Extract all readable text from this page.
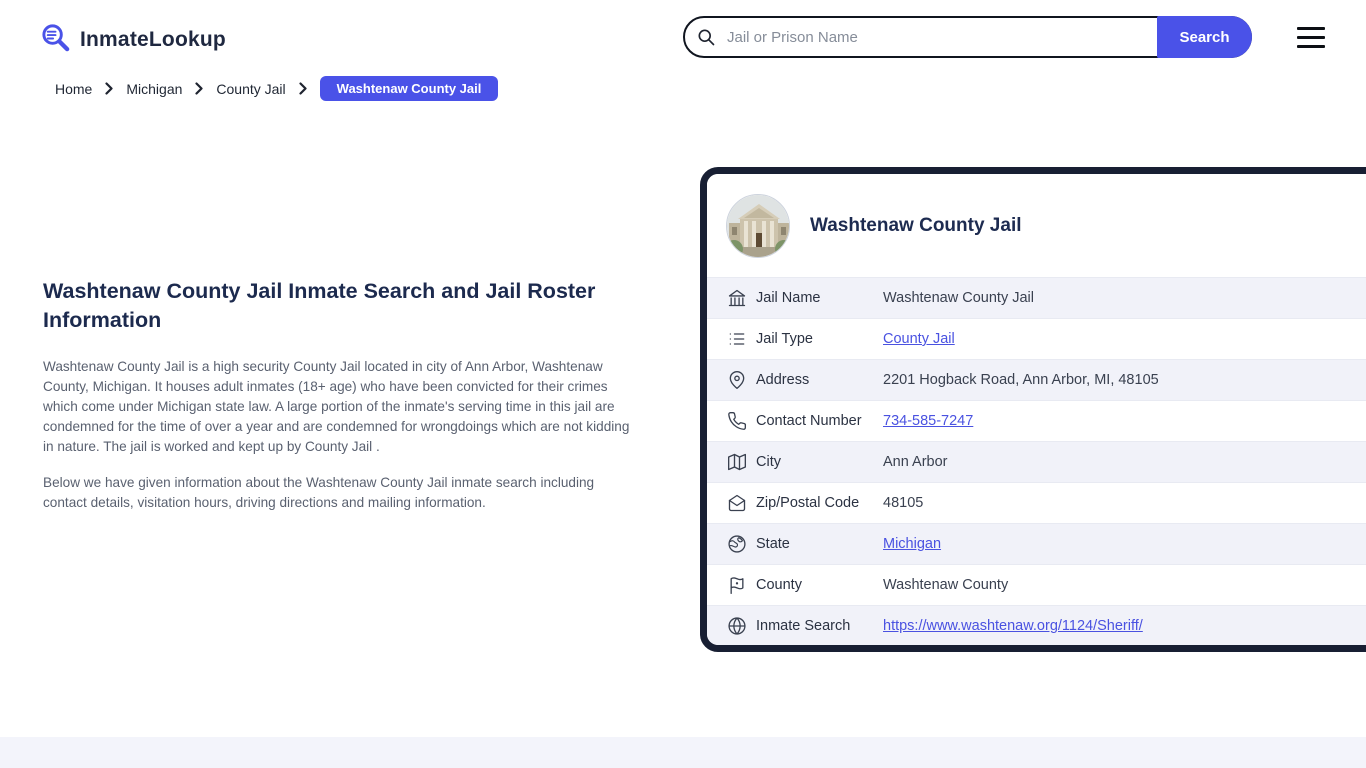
InmateLookup
Jail or Prison Name	Search
Home Michigan County Jail	Washtenaw County Jail
Washtenaw County Jail Inmate Search and Jail Roster Information

Washtenaw County Jail is a high security County Jail located in city of Ann Arbor, Washtenaw County, Michigan. It houses adult inmates (18+ age) who have been convicted for their crimes which come under Michigan state law. A large portion of the inmate's serving time in this jail are condemned for the time of over a year and are condemned for wrongdoings which are not kidding in nature. The jail is worked and kept up by County Jail .

Below we have given information about the Washtenaw County Jail inmate search including contact details, visitation hours, driving directions and mailing information.

Washtenaw County Jail
Jail Name	Washtenaw County Jail
Jail Type	County Jail
Address	2201 Hogback Road, Ann Arbor, MI, 48105
Contact Number	734-585-7247
City	Ann Arbor
Zip/Postal Code	48105
State	Michigan
County	Washtenaw County
Inmate Search	https://www.washtenaw.org/1124/Sheriff/
